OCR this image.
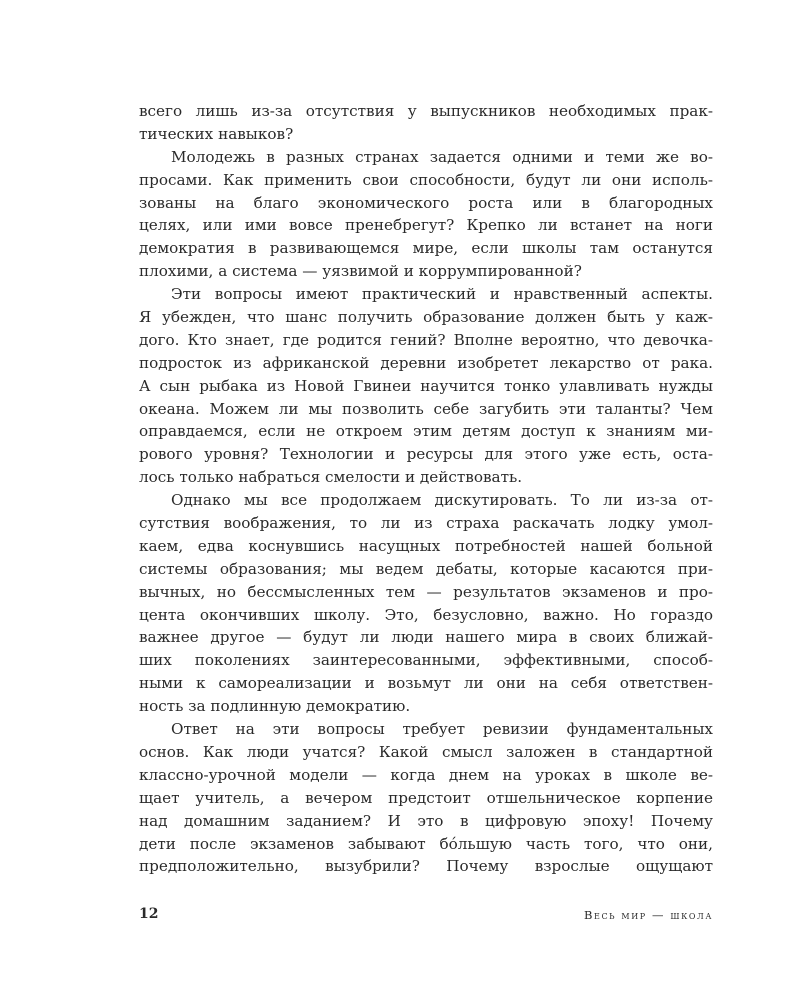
всего лишь из-за отсутствия у выпускников необходимых прак-
тических навыков?
Молодежь в разных странах задается одними и теми же во-
просами. Как применить свои способности, будут ли они исполь-
зованы на благо экономического роста или в благородных
целях, или ими вовсе пренебрегут? Крепко ли встанет на ноги
демократия в развивающемся мире, если школы там останутся
плохими, а система — уязвимой и коррумпированной?
Эти вопросы имеют практический и нравственный аспекты.
Я убежден, что шанс получить образование должен быть у каж-
дого. Кто знает, где родится гений? Вполне вероятно, что девочка-
подросток из африканской деревни изобретет лекарство от рака.
А сын рыбака из Новой Гвинеи научится тонко улавливать нужды
океана. Можем ли мы позволить себе загубить эти таланты? Чем
оправдаемся, если не откроем этим детям доступ к знаниям ми-
рового уровня? Технологии и ресурсы для этого уже есть, оста-
лось только набраться смелости и действовать.
Однако мы все продолжаем дискутировать. То ли из-за от-
сутствия воображения, то ли из страха раскачать лодку умол-
каем, едва коснувшись насущных потребностей нашей больной
системы образования; мы ведем дебаты, которые касаются при-
вычных, но бессмысленных тем — результатов экзаменов и про-
цента окончивших школу. Это, безусловно, важно. Но гораздо
важнее другое — будут ли люди нашего мира в своих ближай-
ших поколениях заинтересованными, эффективными, способ-
ными к самореализации и возьмут ли они на себя ответствен-
ность за подлинную демократию.
Ответ на эти вопросы требует ревизии фундаментальных
основ. Как люди учатся? Какой смысл заложен в стандартной
классно-урочной модели — когда днем на уроках в школе ве-
щает учитель, а вечером предстоит отшельническое корпение
над домашним заданием? И это в цифровую эпоху! Почему
дети после экзаменов забывают бóльшую часть того, что они,
предположительно, вызубрили? Почему взрослые ощущают
12	Весь мир — школа
